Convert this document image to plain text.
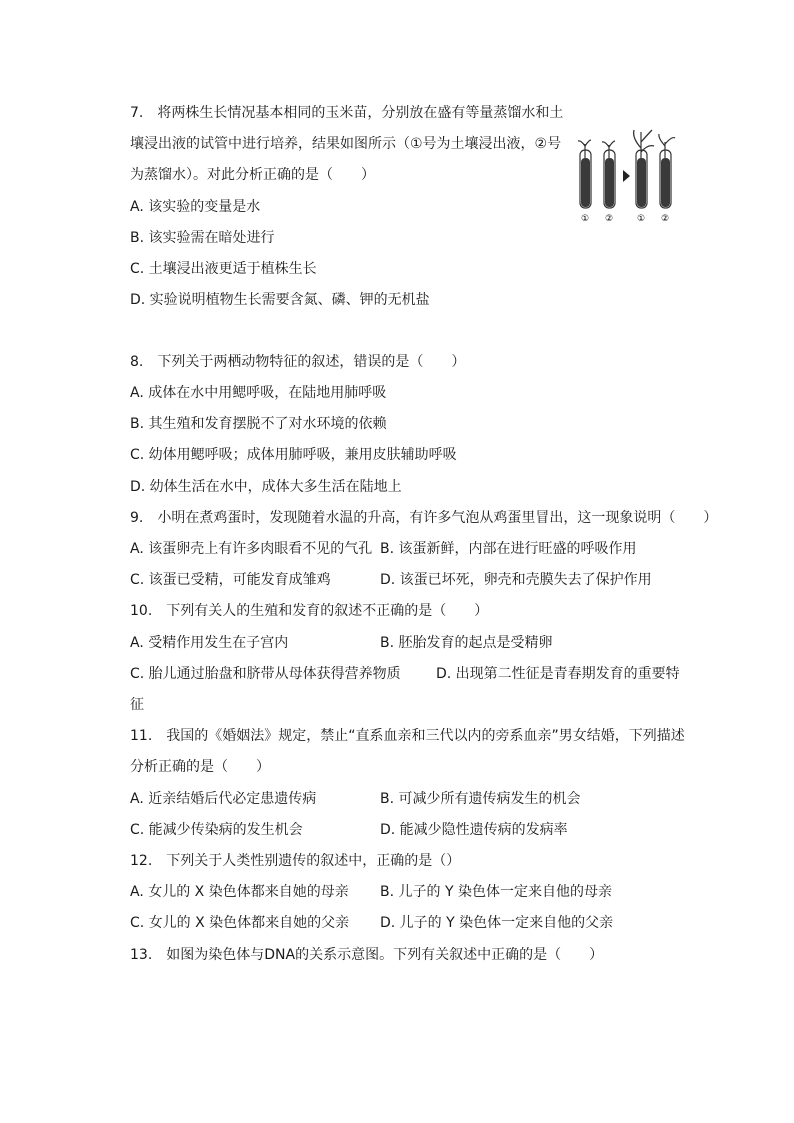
7.　将两株生长情况基本相同的玉米苗，分别放在盛有等量蒸馏水和土
壤浸出液的试管中进行培养，结果如图所示（①号为土壤浸出液，②号
为蒸馏水）。对此分析正确的是（　　）
A. 该实验的变量是水
B. 该实验需在暗处进行
C. 土壤浸出液更适于植株生长
D. 实验说明植物生长需要含氮、磷、钾的无机盐
① ②	① ②
8.　下列关于两栖动物特征的叙述，错误的是（　　）
A. 成体在水中用鳃呼吸，在陆地用肺呼吸
B. 其生殖和发育摆脱不了对水环境的依赖
C. 幼体用鳃呼吸；成体用肺呼吸，兼用皮肤辅助呼吸
D. 幼体生活在水中，成体大多生活在陆地上
9.　小明在煮鸡蛋时，发现随着水温的升高，有许多气泡从鸡蛋里冒出，这一现象说明（　　）
A. 该蛋卵壳上有许多肉眼看不见的气孔 B. 该蛋新鲜，内部在进行旺盛的呼吸作用
C. 该蛋已受精，可能发育成雏鸡	D. 该蛋已坏死，卵壳和壳膜失去了保护作用
10.　下列有关人的生殖和发育的叙述不正确的是（　　）
A. 受精作用发生在子宫内	B. 胚胎发育的起点是受精卵
C. 胎儿通过胎盘和脐带从母体获得营养物质	D. 出现第二性征是青春期发育的重要特
征
11.　我国的《婚姻法》规定，禁止“直系血亲和三代以内的旁系血亲”男女结婚，下列描述
分析正确的是（　　）
A. 近亲结婚后代必定患遗传病	B. 可减少所有遗传病发生的机会
C. 能减少传染病的发生机会	D. 能减少隐性遗传病的发病率
12.　下列关于人类性别遗传的叙述中，正确的是（）
A. 女儿的 X 染色体都来自她的母亲 B. 儿子的 Y 染色体一定来自他的母亲
C. 女儿的 X 染色体都来自她的父亲 D. 儿子的 Y 染色体一定来自他的父亲
13.　如图为染色体与DNA的关系示意图。下列有关叙述中正确的是（　　）
